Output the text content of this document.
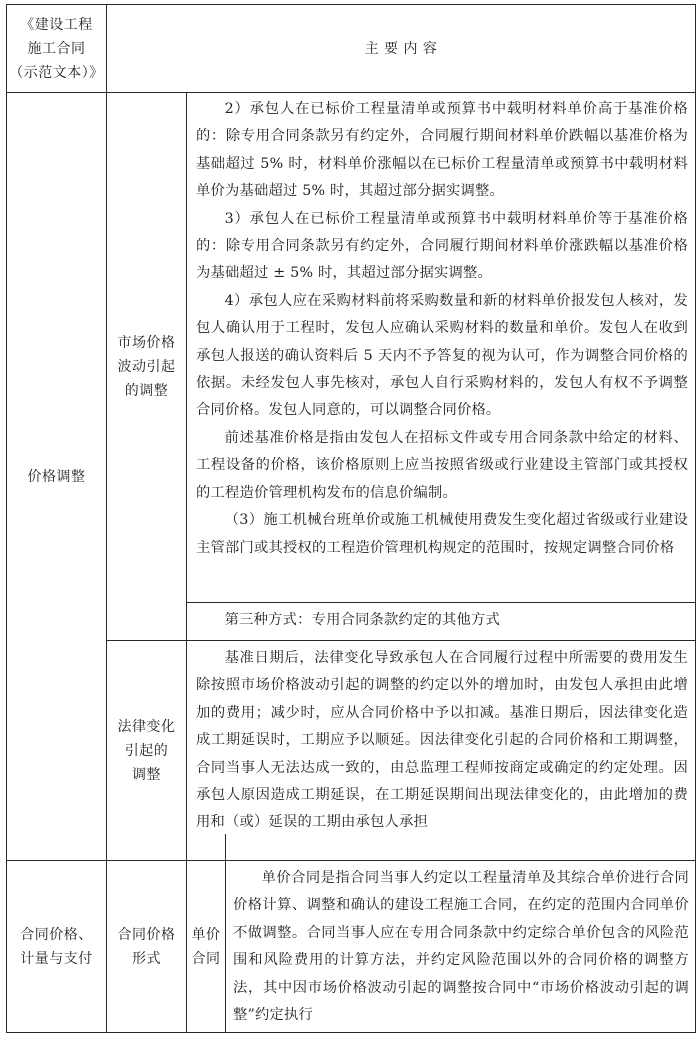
《建设工程
施工合同
（示范文本）》
主 要 内 容
价格调整
市场价格
波动引起
的调整

2）承包人在已标价工程量清单或预算书中载明材料单价高于基准价格的：除专用合同条款另有约定外，合同履行期间材料单价跌幅以基准价格为基础超过 5% 时，材料单价涨幅以在已标价工程量清单或预算书中载明材料单价为基础超过 5% 时，其超过部分据实调整。

3）承包人在已标价工程量清单或预算书中载明材料单价等于基准价格的：除专用合同条款另有约定外，合同履行期间材料单价涨跌幅以基准价格为基础超过 ± 5% 时，其超过部分据实调整。

4）承包人应在采购材料前将采购数量和新的材料单价报发包人核对，发包人确认用于工程时，发包人应确认采购材料的数量和单价。发包人在收到承包人报送的确认资料后 5 天内不予答复的视为认可，作为调整合同价格的依据。未经发包人事先核对，承包人自行采购材料的，发包人有权不予调整合同价格。发包人同意的，可以调整合同价格。

前述基准价格是指由发包人在招标文件或专用合同条款中给定的材料、工程设备的价格，该价格原则上应当按照省级或行业建设主管部门或其授权的工程造价管理机构发布的信息价编制。

（3）施工机械台班单价或施工机械使用费发生变化超过省级或行业建设主管部门或其授权的工程造价管理机构规定的范围时，按规定调整合同价格

第三种方式：专用合同条款约定的其他方式

法律变化
引起的
调整

基准日期后，法律变化导致承包人在合同履行过程中所需要的费用发生除按照市场价格波动引起的调整的约定以外的增加时，由发包人承担由此增加的费用；减少时，应从合同价格中予以扣减。基准日期后，因法律变化造成工期延误时，工期应予以顺延。因法律变化引起的合同价格和工期调整，合同当事人无法达成一致的，由总监理工程师按商定或确定的约定处理。因承包人原因造成工期延误，在工期延误期间出现法律变化的，由此增加的费用和（或）延误的工期由承包人承担

合同价格、计量与支付
合同价格
形式
单价
合同

单价合同是指合同当事人约定以工程量清单及其综合单价进行合同价格计算、调整和确认的建设工程施工合同，在约定的范围内合同单价不做调整。合同当事人应在专用合同条款中约定综合单价包含的风险范围和风险费用的计算方法，并约定风险范围以外的合同价格的调整方法，其中因市场价格波动引起的调整按合同中“市场价格波动引起的调整”约定执行
